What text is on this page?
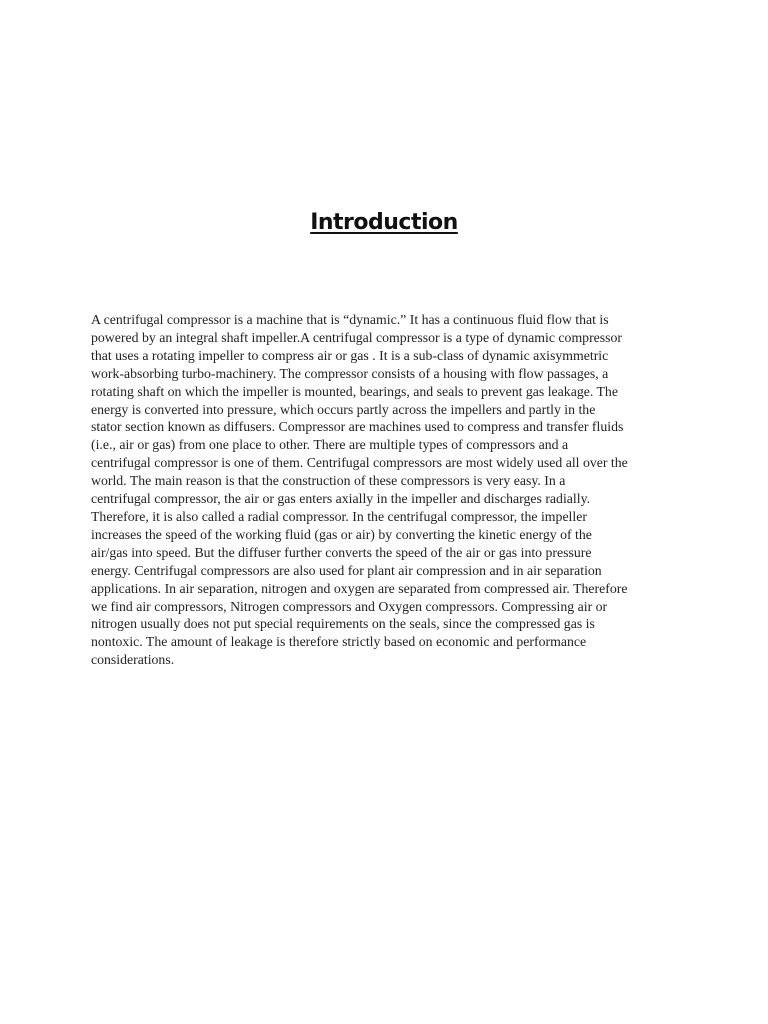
Introduction

A centrifugal compressor is a machine that is “dynamic.” It has a continuous fluid flow that is
powered by an integral shaft impeller.A centrifugal compressor is a type of dynamic compressor
that uses a rotating impeller to compress air or gas . It is a sub-class of dynamic axisymmetric
work-absorbing turbo-machinery. The compressor consists of a housing with flow passages, a
rotating shaft on which the impeller is mounted, bearings, and seals to prevent gas leakage. The
energy is converted into pressure, which occurs partly across the impellers and partly in the
stator section known as diffusers. Compressor are machines used to compress and transfer fluids
(i.e., air or gas) from one place to other. There are multiple types of compressors and a
centrifugal compressor is one of them. Centrifugal compressors are most widely used all over the
world. The main reason is that the construction of these compressors is very easy. In a
centrifugal compressor, the air or gas enters axially in the impeller and discharges radially.
Therefore, it is also called a radial compressor. In the centrifugal compressor, the impeller
increases the speed of the working fluid (gas or air) by converting the kinetic energy of the
air/gas into speed. But the diffuser further converts the speed of the air or gas into pressure
energy. Centrifugal compressors are also used for plant air compression and in air separation
applications. In air separation, nitrogen and oxygen are separated from compressed air. Therefore
we find air compressors, Nitrogen compressors and Oxygen compressors. Compressing air or
nitrogen usually does not put special requirements on the seals, since the compressed gas is
nontoxic. The amount of leakage is therefore strictly based on economic and performance
considerations.
